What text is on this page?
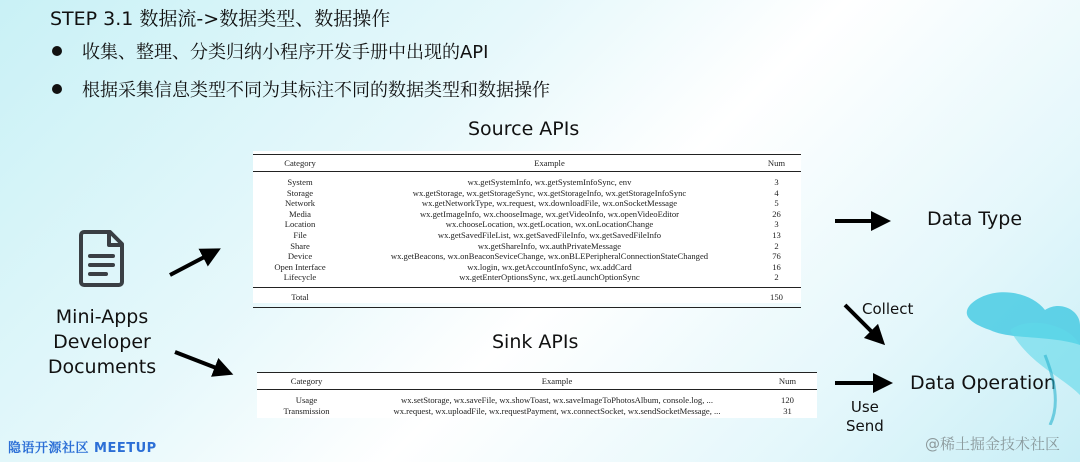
STEP 3.1 数据流->数据类型、数据操作
收集、整理、分类归纳小程序开发手册中出现的API
根据采集信息类型不同为其标注不同的数据类型和数据操作
Source APIs
Category	Example	Num
System	wx.getSystemInfo, wx.getSystemInfoSync, env	3
Storage	wx.getStorage, wx.getStorageSync, wx.getStorageInfo, wx.getStorageInfoSync	4
Network	wx.getNetworkType, wx.request, wx.downloadFile, wx.onSocketMessage	5
Media	wx.getImageInfo, wx.chooseImage, wx.getVideoInfo, wx.openVideoEditor	26
Location	wx.chooseLocation, wx.getLocation, wx.onLocationChange	3
File	wx.getSavedFileList, wx.getSavedFileInfo, wx.getSavedFileInfo	13
Share	wx.getShareInfo, wx.authPrivateMessage	2
Device	wx.getBeacons, wx.onBeaconSeviceChange, wx.onBLEPeripheralConnectionStateChanged	76
Open Interface	wx.login, wx.getAccountInfoSync, wx.addCard	16
Lifecycle	wx.getEnterOptionsSync, wx.getLaunchOptionSync	2
Total		150
Sink APIs
Category	Example	Num
Usage	wx.setStorage, wx.saveFile, wx.showToast, wx.saveImageToPhotosAlbum, console.log, ...	120
Transmission	wx.request, wx.uploadFile, wx.requestPayment, wx.connectSocket, wx.sendSocketMessage, ...	31
Mini-Apps
Developer
Documents
Data Type
Data Operation
Collect
Use
Send
隐语开源社区 MEETUP	@稀土掘金技术社区
